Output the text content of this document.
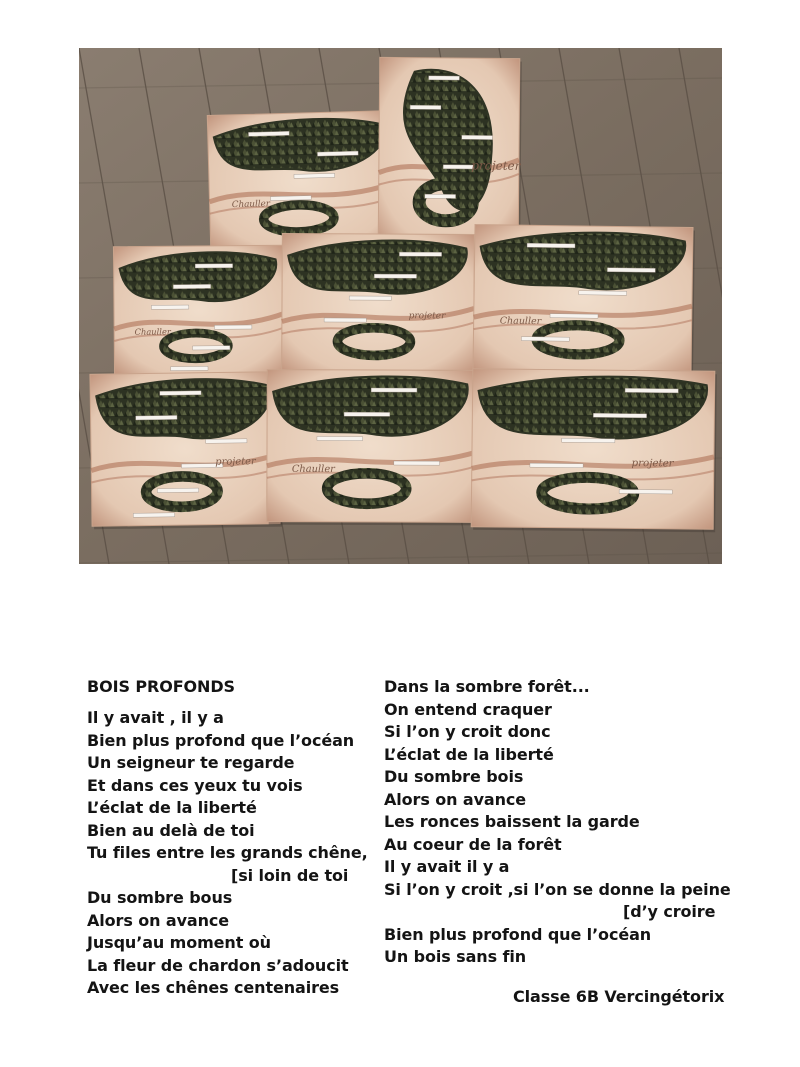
Chauller
projeter
Chauller
projeter	Chauller
projeter
Chauller	projeter
BOIS PROFONDS
Il y avait , il y a
Bien plus profond que l’océan
Un seigneur te regarde
Et dans ces yeux tu vois
L’éclat de la liberté
Bien au delà de toi
Tu files entre les grands chêne,
[si loin de toi
Du sombre bous
Alors on avance
Jusqu’au moment où
La fleur de chardon s’adoucit
Avec les chênes centenaires
Dans la sombre forêt...
On entend craquer
Si l’on y croit donc
L’éclat de la liberté
Du sombre bois
Alors on avance
Les ronces baissent la garde
Au coeur de la forêt
Il y avait il y a
Si l’on y croit ,si l’on se donne la peine
[d’y croire
Bien plus profond que l’océan
Un bois sans fin
Classe 6B Vercingétorix
